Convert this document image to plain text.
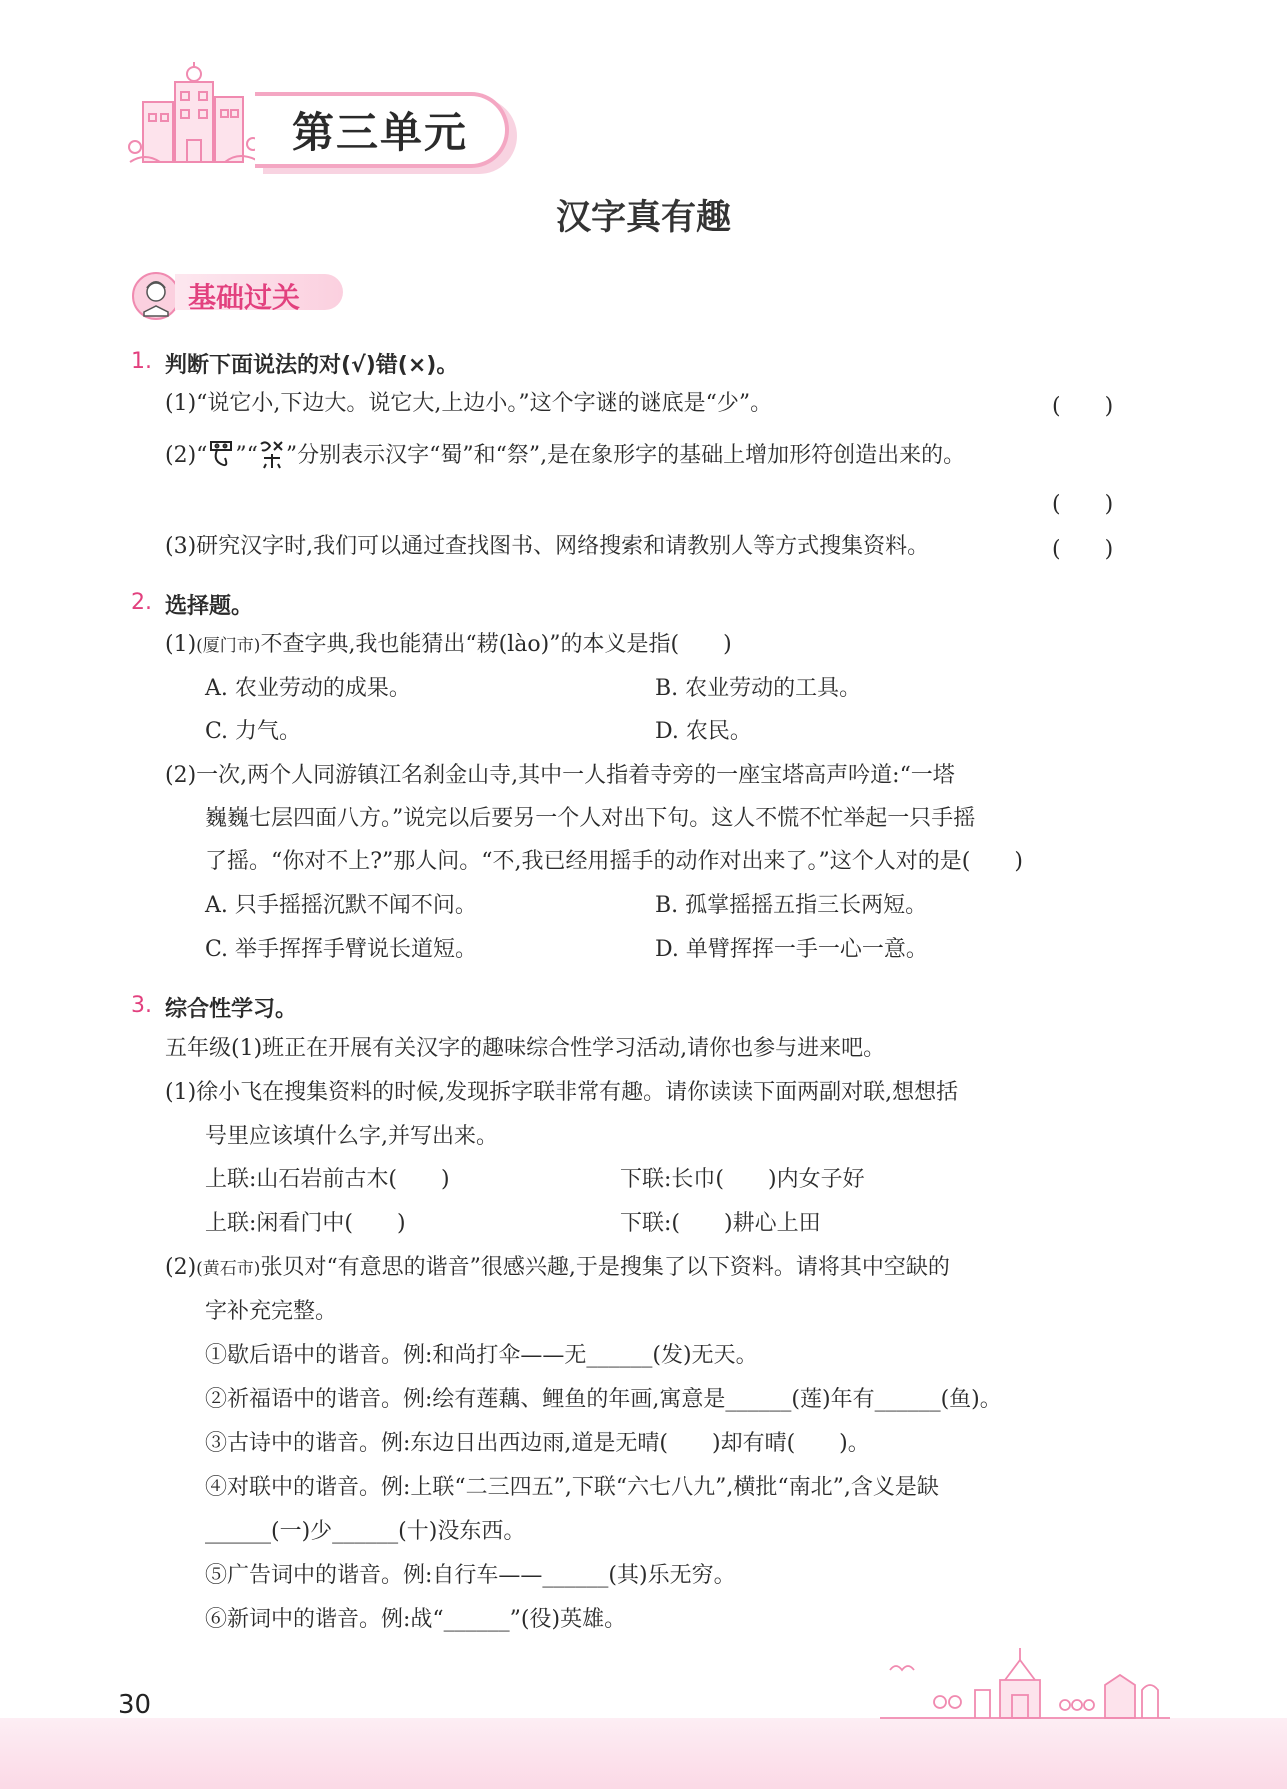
第三单元
汉字真有趣
基础过关
1. 判断下面说法的对(√)错(×)。
(1)“说它小,下边大。说它大,上边小。”这个字谜的谜底是“少”。	(　　)
(2)“ ”“ ”分别表示汉字“蜀”和“祭”,是在象形字的基础上增加形符创造出来的。
(　　)
(3)研究汉字时,我们可以通过查找图书、网络搜索和请教别人等方式搜集资料。	(　　)
2. 选择题。
(1)(厦门市)不查字典,我也能猜出“耢(lào)”的本义是指(　　)
A. 农业劳动的成果。	B. 农业劳动的工具。
C. 力气。	D. 农民。
(2)一次,两个人同游镇江名刹金山寺,其中一人指着寺旁的一座宝塔高声吟道:“一塔
巍巍七层四面八方。”说完以后要另一个人对出下句。这人不慌不忙举起一只手摇
了摇。“你对不上?”那人问。“不,我已经用摇手的动作对出来了。”这个人对的是(　　)
A. 只手摇摇沉默不闻不问。	B. 孤掌摇摇五指三长两短。
C. 举手挥挥手臂说长道短。	D. 单臂挥挥一手一心一意。
3. 综合性学习。
五年级(1)班正在开展有关汉字的趣味综合性学习活动,请你也参与进来吧。
(1)徐小飞在搜集资料的时候,发现拆字联非常有趣。请你读读下面两副对联,想想括
号里应该填什么字,并写出来。
上联:山石岩前古木(　　)	下联:长巾(　　)内女子好
上联:闲看门中(　　)	下联:(　　)耕心上田
(2)(黄石市)张贝对“有意思的谐音”很感兴趣,于是搜集了以下资料。请将其中空缺的
字补充完整。
①歇后语中的谐音。例:和尚打伞——无______(发)无天。
②祈福语中的谐音。例:绘有莲藕、鲤鱼的年画,寓意是______(莲)年有______(鱼)。
③古诗中的谐音。例:东边日出西边雨,道是无晴(　　)却有晴(　　)。
④对联中的谐音。例:上联“二三四五”,下联“六七八九”,横批“南北”,含义是缺
______(一)少______(十)没东西。
⑤广告词中的谐音。例:自行车——______(其)乐无穷。
⑥新词中的谐音。例:战“______”(役)英雄。
30
